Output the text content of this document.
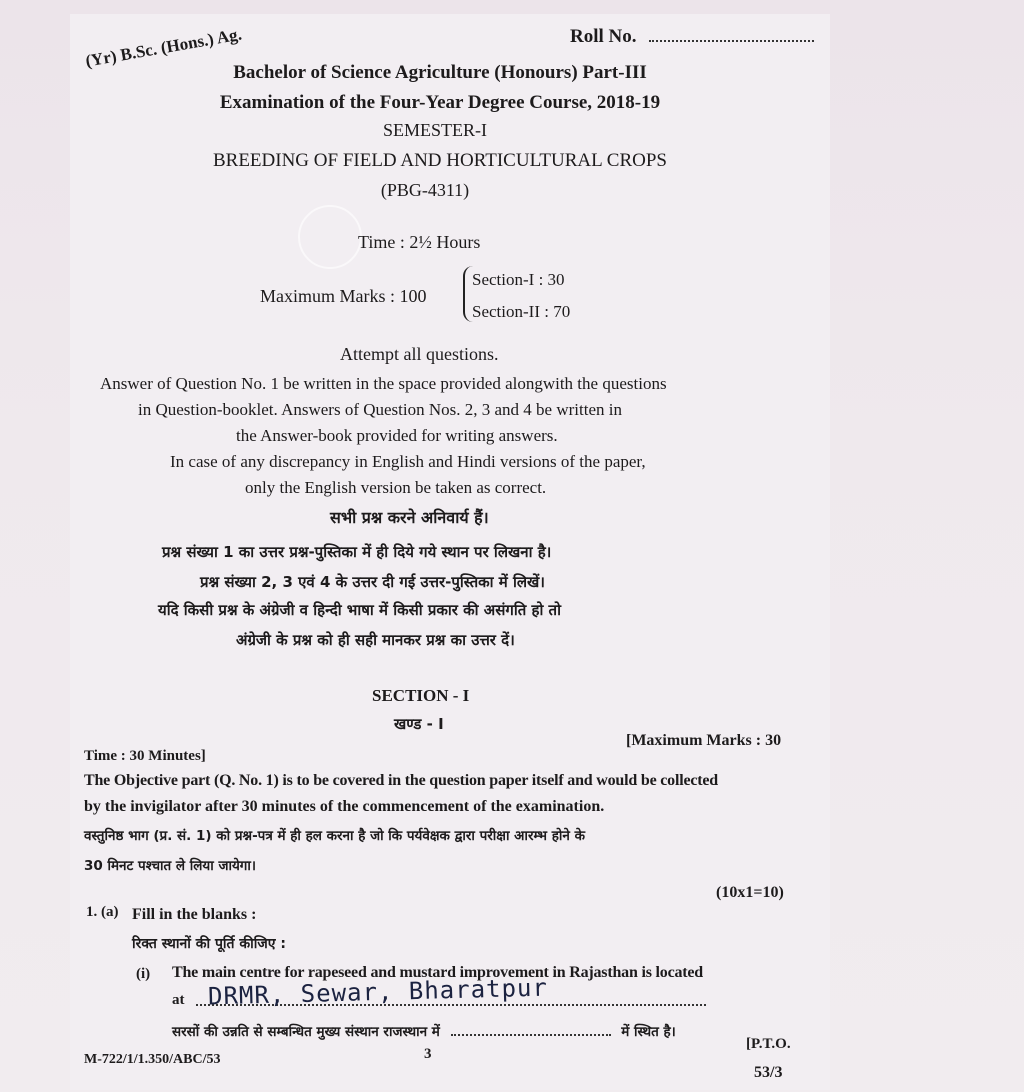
Roll No.
(Yr) B.Sc. (Hons.) Ag.
Bachelor of Science Agriculture (Honours) Part-III
Examination of the Four-Year Degree Course, 2018-19
SEMESTER-I
BREEDING OF FIELD AND HORTICULTURAL CROPS
(PBG-4311)
Time : 2½ Hours
Maximum Marks : 100
Section-I : 30
Section-II : 70
Attempt all questions.
Answer of Question No. 1 be written in the space provided alongwith the questions
in Question-booklet. Answers of Question Nos. 2, 3 and 4 be written in
the Answer-book provided for writing answers.
In case of any discrepancy in English and Hindi versions of the paper,
only the English version be taken as correct.
सभी प्रश्न करने अनिवार्य हैं।
प्रश्न संख्या 1 का उत्तर प्रश्न-पुस्तिका में ही दिये गये स्थान पर लिखना है।
प्रश्न संख्या 2, 3 एवं 4 के उत्तर दी गई उत्तर-पुस्तिका में लिखें।
यदि किसी प्रश्न के अंग्रेजी व हिन्दी भाषा में किसी प्रकार की असंगति हो तो
अंग्रेजी के प्रश्न को ही सही मानकर प्रश्न का उत्तर दें।
SECTION - I
खण्ड - I
Time : 30 Minutes]
[Maximum Marks : 30
The Objective part (Q. No. 1) is to be covered in the question paper itself and would be collected
by the invigilator after 30 minutes of the commencement of the examination.
वस्तुनिष्ठ भाग (प्र. सं. 1) को प्रश्न-पत्र में ही हल करना है जो कि पर्यवेक्षक द्वारा परीक्षा आरम्भ होने के
30 मिनट पश्चात ले लिया जायेगा।
(10x1=10)
1. (a) Fill in the blanks :
रिक्त स्थानों की पूर्ति कीजिए :
(i) The main centre for rapeseed and mustard improvement in Rajasthan is located
at DRMR, Sewar, Bharatpur
सरसों की उन्नति से सम्बन्धित मुख्य संस्थान राजस्थान में	में स्थित है।
M-722/1/1.350/ABC/53	3
[P.T.O.
53/3
